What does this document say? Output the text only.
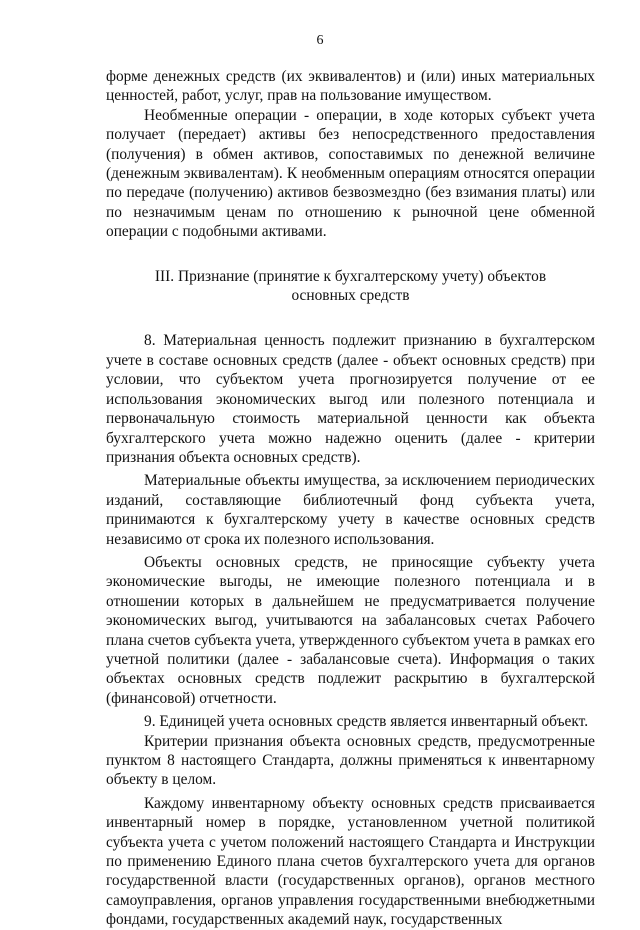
6

форме денежных средств (их эквивалентов) и (или) иных материальных ценностей, работ, услуг, прав на пользование имуществом.

Необменные операции - операции, в ходе которых субъект учета получает (передает) активы без непосредственного предоставления (получения) в обмен активов, сопоставимых по денежной величине (денежным эквивалентам). К необменным операциям относятся операции по передаче (получению) активов безвозмездно (без взимания платы) или по незначимым ценам по отношению к рыночной цене обменной операции с подобными активами.

III. Признание (принятие к бухгалтерскому учету) объектов
основных средств

8. Материальная ценность подлежит признанию в бухгалтерском учете в составе основных средств (далее - объект основных средств) при условии, что субъектом учета прогнозируется получение от ее использования экономических выгод или полезного потенциала и первоначальную стоимость материальной ценности как объекта бухгалтерского учета можно надежно оценить (далее - критерии признания объекта основных средств).

Материальные объекты имущества, за исключением периодических изданий, составляющие библиотечный фонд субъекта учета, принимаются к бухгалтерскому учету в качестве основных средств независимо от срока их полезного использования.

Объекты основных средств, не приносящие субъекту учета экономические выгоды, не имеющие полезного потенциала и в отношении которых в дальнейшем не предусматривается получение экономических выгод, учитываются на забалансовых счетах Рабочего плана счетов субъекта учета, утвержденного субъектом учета в рамках его учетной политики (далее - забалансовые счета). Информация о таких объектах основных средств подлежит раскрытию в бухгалтерской (финансовой) отчетности.

9. Единицей учета основных средств является инвентарный объект.

Критерии признания объекта основных средств, предусмотренные пунктом 8 настоящего Стандарта, должны применяться к инвентарному объекту в целом.

Каждому инвентарному объекту основных средств присваивается инвентарный номер в порядке, установленном учетной политикой субъекта учета с учетом положений настоящего Стандарта и Инструкции по применению Единого плана счетов бухгалтерского учета для органов государственной власти (государственных органов), органов местного самоуправления, органов управления государственными внебюджетными фондами, государственных академий наук, государственных
